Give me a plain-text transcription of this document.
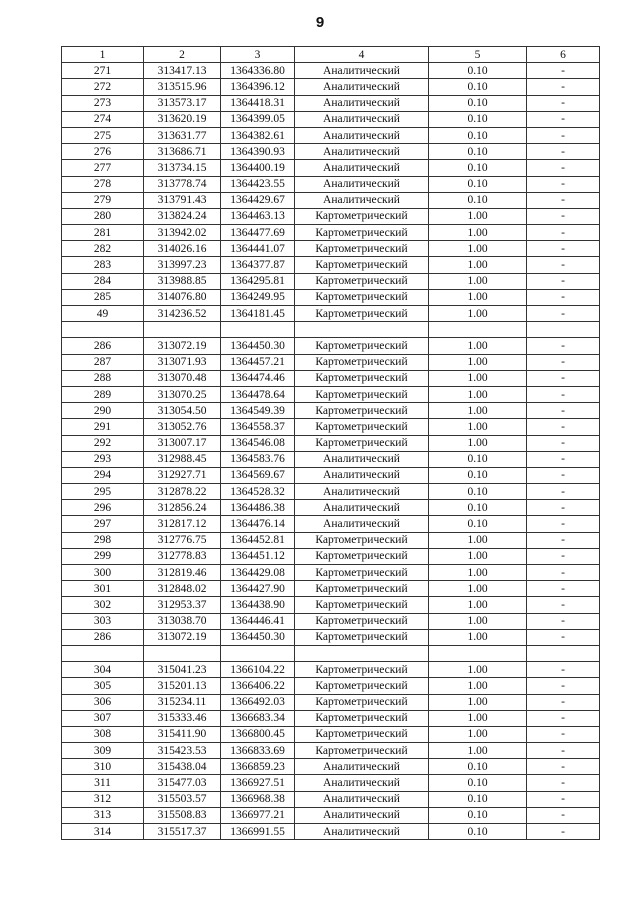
9
1	2	3	4	5	6
271	313417.13	1364336.80	Аналитический	0.10	-
272	313515.96	1364396.12	Аналитический	0.10	-
273	313573.17	1364418.31	Аналитический	0.10	-
274	313620.19	1364399.05	Аналитический	0.10	-
275	313631.77	1364382.61	Аналитический	0.10	-
276	313686.71	1364390.93	Аналитический	0.10	-
277	313734.15	1364400.19	Аналитический	0.10	-
278	313778.74	1364423.55	Аналитический	0.10	-
279	313791.43	1364429.67	Аналитический	0.10	-
280	313824.24	1364463.13	Картометрический	1.00	-
281	313942.02	1364477.69	Картометрический	1.00	-
282	314026.16	1364441.07	Картометрический	1.00	-
283	313997.23	1364377.87	Картометрический	1.00	-
284	313988.85	1364295.81	Картометрический	1.00	-
285	314076.80	1364249.95	Картометрический	1.00	-
49	314236.52	1364181.45	Картометрический	1.00	-

286	313072.19	1364450.30	Картометрический	1.00	-
287	313071.93	1364457.21	Картометрический	1.00	-
288	313070.48	1364474.46	Картометрический	1.00	-
289	313070.25	1364478.64	Картометрический	1.00	-
290	313054.50	1364549.39	Картометрический	1.00	-
291	313052.76	1364558.37	Картометрический	1.00	-
292	313007.17	1364546.08	Картометрический	1.00	-
293	312988.45	1364583.76	Аналитический	0.10	-
294	312927.71	1364569.67	Аналитический	0.10	-
295	312878.22	1364528.32	Аналитический	0.10	-
296	312856.24	1364486.38	Аналитический	0.10	-
297	312817.12	1364476.14	Аналитический	0.10	-
298	312776.75	1364452.81	Картометрический	1.00	-
299	312778.83	1364451.12	Картометрический	1.00	-
300	312819.46	1364429.08	Картометрический	1.00	-
301	312848.02	1364427.90	Картометрический	1.00	-
302	312953.37	1364438.90	Картометрический	1.00	-
303	313038.70	1364446.41	Картометрический	1.00	-
286	313072.19	1364450.30	Картометрический	1.00	-

304	315041.23	1366104.22	Картометрический	1.00	-
305	315201.13	1366406.22	Картометрический	1.00	-
306	315234.11	1366492.03	Картометрический	1.00	-
307	315333.46	1366683.34	Картометрический	1.00	-
308	315411.90	1366800.45	Картометрический	1.00	-
309	315423.53	1366833.69	Картометрический	1.00	-
310	315438.04	1366859.23	Аналитический	0.10	-
311	315477.03	1366927.51	Аналитический	0.10	-
312	315503.57	1366968.38	Аналитический	0.10	-
313	315508.83	1366977.21	Аналитический	0.10	-
314	315517.37	1366991.55	Аналитический	0.10	-
